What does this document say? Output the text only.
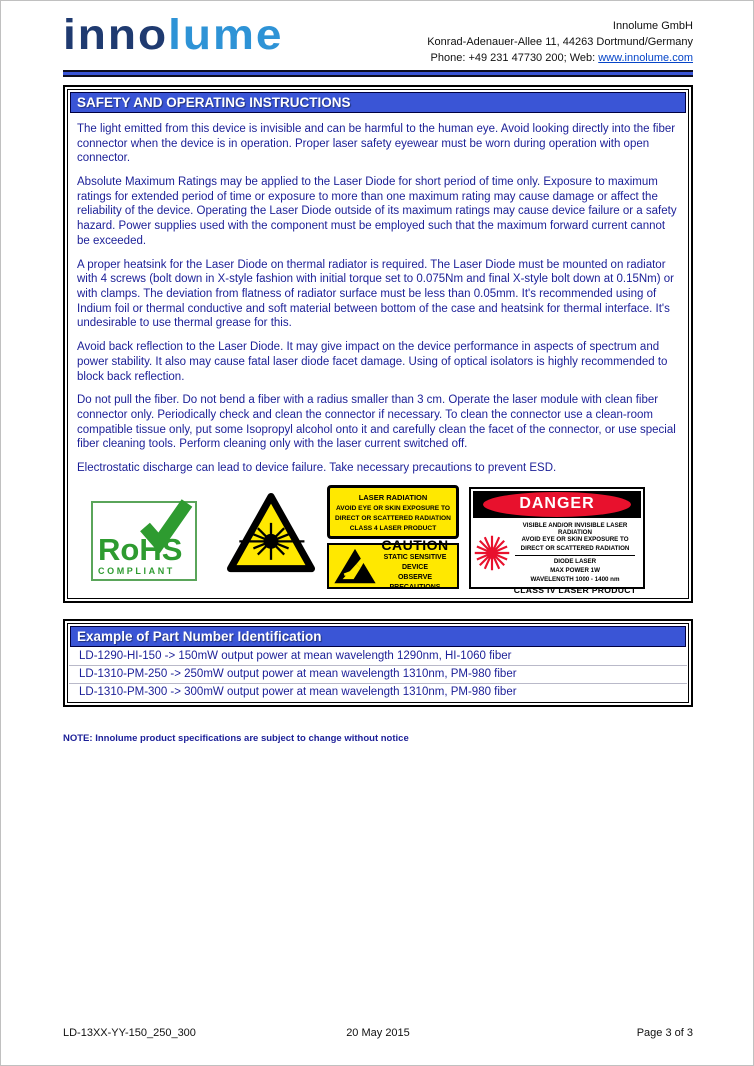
innolume	Innolume GmbH
Konrad-Adenauer-Allee 11, 44263 Dortmund/Germany
Phone: +49 231 47730 200; Web: www.innolume.com
SAFETY AND OPERATING INSTRUCTIONS

The light emitted from this device is invisible and can be harmful to the human eye. Avoid looking directly into the fiber connector when the device is in operation. Proper laser safety eyewear must be worn during operation with open connector.

Absolute Maximum Ratings may be applied to the Laser Diode for short period of time only. Exposure to maximum ratings for extended period of time or exposure to more than one maximum rating may cause damage or affect the reliability of the device. Operating the Laser Diode outside of its maximum ratings may cause device failure or a safety hazard. Power supplies used with the component must be employed such that the maximum forward current cannot be exceeded.

A proper heatsink for the Laser Diode on thermal radiator is required. The Laser Diode must be mounted on radiator with 4 screws (bolt down in X-style fashion with initial torque set to 0.075Nm and final X-style bolt down at 0.15Nm) or with clamps. The deviation from flatness of radiator surface must be less than 0.05mm. It's recommended using of Indium foil or thermal conductive and soft material between bottom of the case and heatsink for thermal interface. It's undesirable to use thermal grease for this.

Avoid back reflection to the Laser Diode. It may give impact on the device performance in aspects of spectrum and power stability. It also may cause fatal laser diode facet damage. Using of optical isolators is highly recommended to block back reflection.

Do not pull the fiber. Do not bend a fiber with a radius smaller than 3 cm. Operate the laser module with clean fiber connector only. Periodically check and clean the connector if necessary. To clean the connector use a clean-room compatible tissue only, put some Isopropyl alcohol onto it and carefully clean the facet of the connector, or use special fiber cleaning tools. Perform cleaning only with the laser current switched off.

Electrostatic discharge can lead to device failure. Take necessary precautions to prevent ESD.

RoHS
COMPLIANT
LASER RADIATION
AVOID EYE OR SKIN EXPOSURE TO
DIRECT OR SCATTERED RADIATION
CLASS 4 LASER PRODUCT
CAUTION
STATIC SENSITIVE DEVICE
OBSERVE PRECAUTIONS
DANGER
VISIBLE AND/OR INVISIBLE LASER RADIATION
AVOID EYE OR SKIN EXPOSURE TO
DIRECT OR SCATTERED RADIATION
DIODE LASER
MAX POWER 1W
WAVELENGTH 1000 - 1400 nm
CLASS IV LASER PRODUCT
Example of Part Number Identification
LD-1290-HI-150 -> 150mW output power at mean wavelength 1290nm, HI-1060 fiber
LD-1310-PM-250 -> 250mW output power at mean wavelength 1310nm, PM-980 fiber
LD-1310-PM-300 -> 300mW output power at mean wavelength 1310nm, PM-980 fiber
NOTE: Innolume product specifications are subject to change without notice
LD-13XX-YY-150_250_300	20 May 2015	Page 3 of 3
